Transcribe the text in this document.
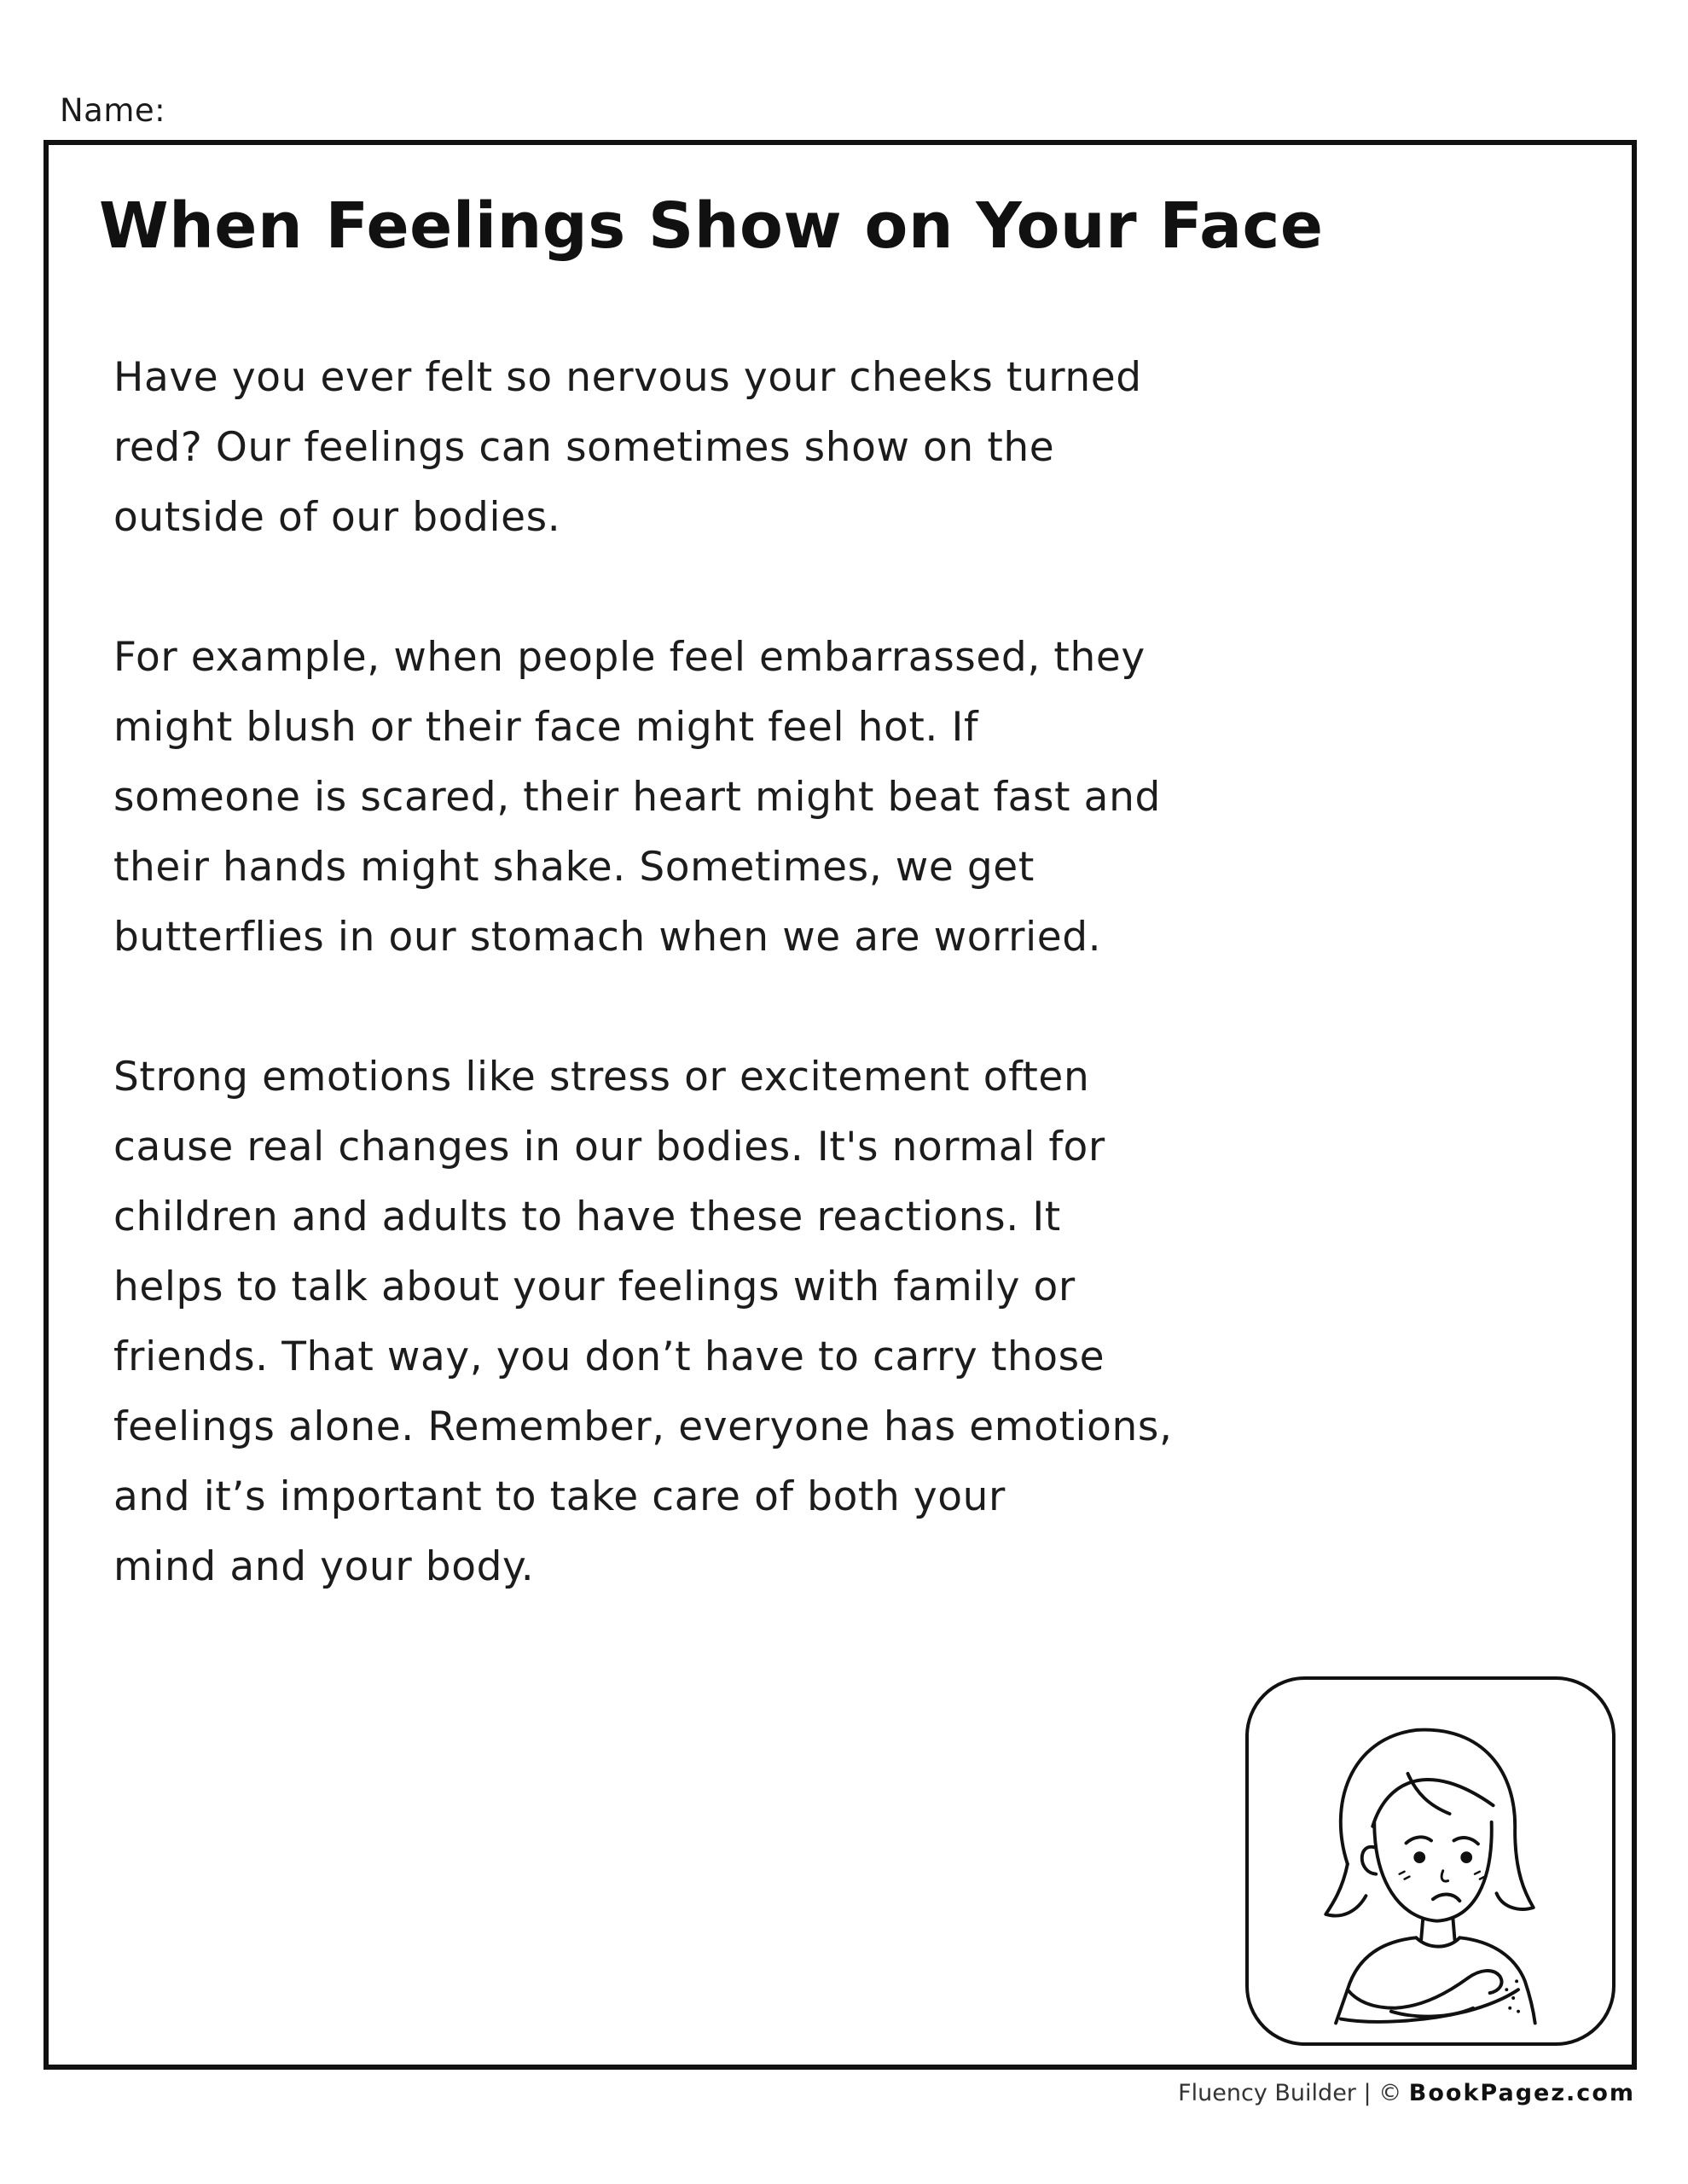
Name:
When Feelings Show on Your Face

Have you ever felt so nervous your cheeks turned
red? Our feelings can sometimes show on the
outside of our bodies.

For example, when people feel embarrassed, they
might blush or their face might feel hot. If
someone is scared, their heart might beat fast and
their hands might shake. Sometimes, we get
butterflies in our stomach when we are worried.

Strong emotions like stress or excitement often
cause real changes in our bodies. It's normal for
children and adults to have these reactions. It
helps to talk about your feelings with family or
friends. That way, you don’t have to carry those
feelings alone. Remember, everyone has emotions,
and it’s important to take care of both your
mind and your body.

Fluency Builder | © BookPagez.com
